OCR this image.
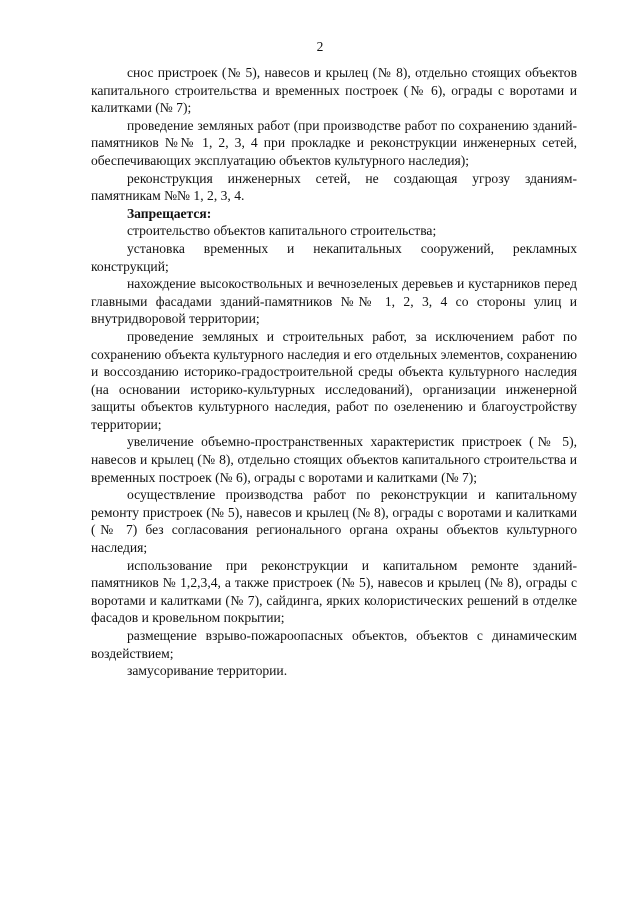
2

снос пристроек (№ 5), навесов и крылец (№ 8), отдельно стоящих объектов капитального строительства и временных построек (№ 6), ограды с воротами и калитками (№ 7);

проведение земляных работ (при производстве работ по сохранению зданий-памятников №№ 1, 2, 3, 4 при прокладке и реконструкции инженерных сетей, обеспечивающих эксплуатацию объектов культурного наследия);

реконструкция инженерных сетей, не создающая угрозу зданиям-памятникам №№ 1, 2, 3, 4.

Запрещается:

строительство объектов капитального строительства;

установка временных и некапитальных сооружений, рекламных конструкций;

нахождение высокоствольных и вечнозеленых деревьев и кустарников перед главными фасадами зданий-памятников №№ 1, 2, 3, 4 со стороны улиц и внутридворовой территории;

проведение земляных и строительных работ, за исключением работ по сохранению объекта культурного наследия и его отдельных элементов, сохранению и воссозданию историко-градостроительной среды объекта культурного наследия (на основании историко-культурных исследований), организации инженерной защиты объектов культурного наследия, работ по озеленению и благоустройству территории;

увеличение объемно-пространственных характеристик пристроек (№ 5), навесов и крылец (№ 8), отдельно стоящих объектов капитального строительства и временных построек (№ 6), ограды с воротами и калитками (№ 7);

осуществление производства работ по реконструкции и капитальному ремонту пристроек (№ 5), навесов и крылец (№ 8), ограды с воротами и калитками (№ 7) без согласования регионального органа охраны объектов культурного наследия;

использование при реконструкции и капитальном ремонте зданий-памятников № 1,2,3,4, а также пристроек (№ 5), навесов и крылец (№ 8), ограды с воротами и калитками (№ 7), сайдинга, ярких колористических решений в отделке фасадов и кровельном покрытии;

размещение взрыво-пожароопасных объектов, объектов с динамическим воздействием;

замусоривание территории.
